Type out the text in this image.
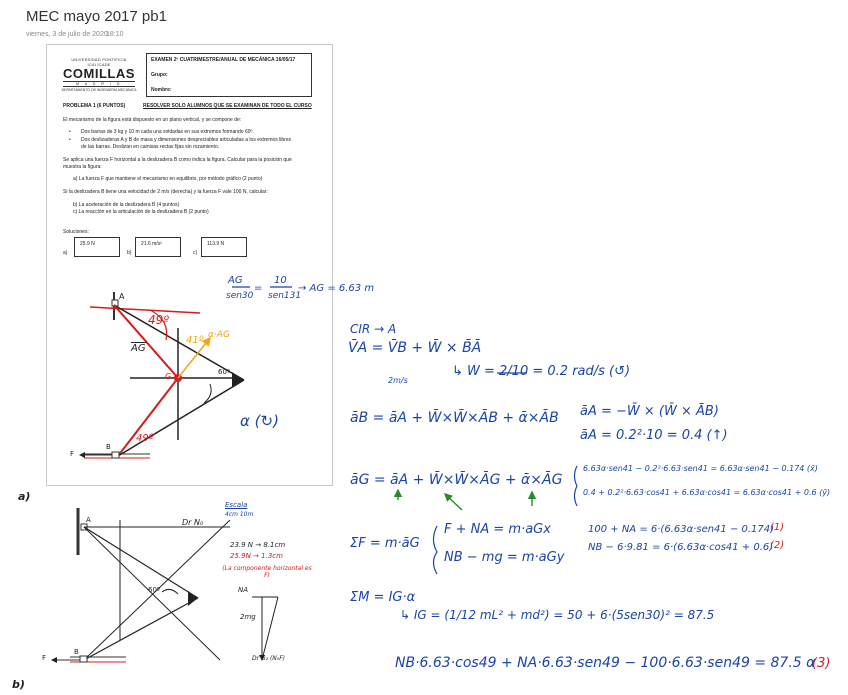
MEC mayo 2017 pb1
viernes, 3 de julio de 2020
18:10
UNIVERSIDAD PONTIFICIA
ICAI ICADE
COMILLAS
M A D R I D
DEPARTAMENTO DE INGENIERÍA MECÁNICA
EXAMEN 2º CUATRIMESTRE/ANUAL DE MECÁNICA 16/05/17
Grupo:
Nombre:
PROBLEMA 1 (6 PUNTOS)	RESOLVER SOLO ALUMNOS QUE SE EXAMINAN DE TODO EL CURSO
El mecanismo de la figura está dispuesto en un plano vertical, y se compone de:
• Dos barras de 3 kg y 10 m cada una soldadas en sus extremos formando 60º.
• Dos deslizaderas A y B de masa y dimensiones despreciables articuladas a los extremos libres
de las barras. Deslizan en camisas rectas fijas sin rozamiento.
Se aplica una fuerza F horizontal a la deslizadera B como indica la figura. Calcular para la posición que
muestra la figura:
a) La fuerza F que mantiene el mecanismo en equilibrio, por método gráfico (2 punto)
Si la deslizadera B tiene una velocidad de 2 m/s (derecha) y la fuerza F vale 100 N, calcular:
b) La aceleración de la deslizadera B (4 puntos)
c) La reacción en la articulación de la deslizadera B (2 punto)
Soluciones:
a)
25.9 N
b)
21.6 m/s²
c)
113.9 N
A
49º
$\overline{AG}$
41º α·AG
60º
G
49º
B
F
a)
b)
A	Dr N₀
60º
B
F
Escala
4cm 10m
23.9 N → 8.1cm
25.9N → 1.3cm
(La componente horizontal es F)
NA
2mg
Dr G₂ (N₀F)
AG
sen30
=
10
sen131
→ AG = 6.63 m
CIR → A
V̄A = V̄B + W̄ × B̄Ā
2m/s
↳ W = 2/10 = 0.2 rad/s (↺)
α (↻)	āB = āA + W̄×W̄×ĀB + ᾱ×ĀB āA = −W̄ × (W̄ × ĀB)
āA = 0.2²·10 = 0.4 (↑)
āG = āA + W̄×W̄×ĀG + ᾱ×ĀG
6.63α·sen41 − 0.2²·6.63·sen41 = 6.63α·sen41 − 0.174 (x̄)
0.4 + 0.2²·6.63·cos41 + 6.63α·cos41 = 6.63α·cos41 + 0.6 (ȳ)
ΣF = m·āG
F + NA = m·aGx
NB − mg = m·aGy
100 + NA = 6·(6.63α·sen41 − 0.174)
(1)
NB − 6·9.81 = 6·(6.63α·cos41 + 0.6)
(2)
ΣM = IG·α
↳ IG = (1/12 mL² + md²) = 50 + 6·(5sen30)² = 87.5
NB·6.63·cos49 + NA·6.63·sen49 − 100·6.63·sen49 = 87.5 α
(3)
